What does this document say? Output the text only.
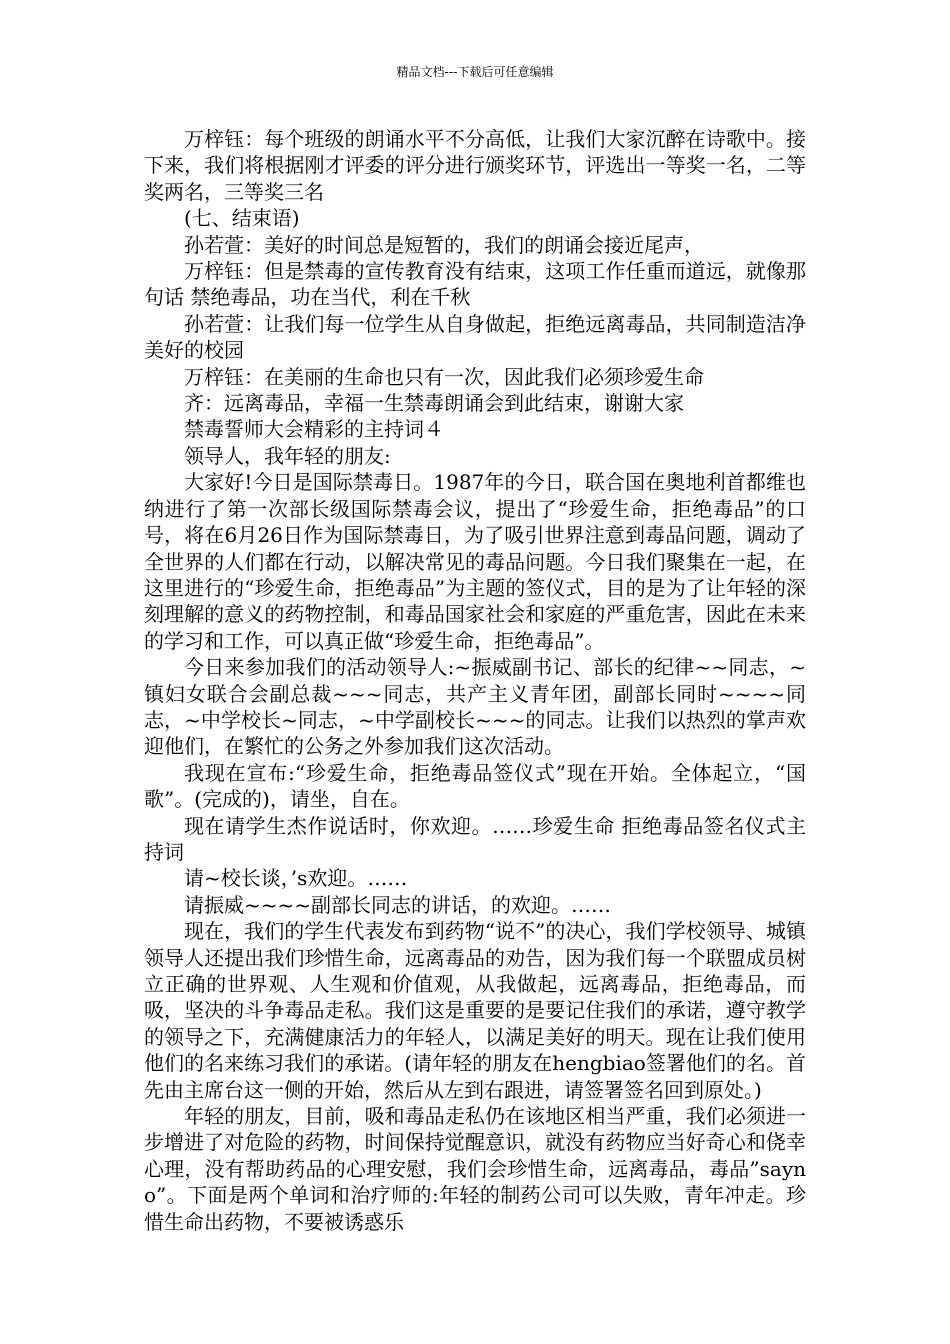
精品文档---下载后可任意编辑

万梓钰：每个班级的朗诵水平不分高低，让我们大家沉醉在诗歌中。接下来，我们将根据刚才评委的评分进行颁奖环节，评选出一等奖一名，二等奖两名，三等奖三名

(七、结束语)

孙若萱：美好的时间总是短暂的，我们的朗诵会接近尾声，

万梓钰：但是禁毒的宣传教育没有结束，这项工作任重而道远，就像那句话 禁绝毒品，功在当代，利在千秋

孙若萱：让我们每一位学生从自身做起，拒绝远离毒品，共同制造洁净美好的校园

万梓钰：在美丽的生命也只有一次，因此我们必须珍爱生命

齐：远离毒品，幸福一生禁毒朗诵会到此结束，谢谢大家

禁毒誓师大会精彩的主持词４

领导人，我年轻的朋友:

大家好!今日是国际禁毒日。1987年的今日，联合国在奥地利首都维也纳进行了第一次部长级国际禁毒会议，提出了“珍爱生命，拒绝毒品”的口号，将在6月26日作为国际禁毒日，为了吸引世界注意到毒品问题，调动了全世界的人们都在行动，以解决常见的毒品问题。今日我们聚集在一起，在这里进行的“珍爱生命，拒绝毒品”为主题的签仪式，目的是为了让年轻的深刻理解的意义的药物控制，和毒品国家社会和家庭的严重危害，因此在未来的学习和工作，可以真正做“珍爱生命，拒绝毒品”。

今日来参加我们的活动领导人:~振威副书记、部长的纪律~~同志，~镇妇女联合会副总裁~~~同志，共产主义青年团，副部长同时~~~~同志，~中学校长~同志，~中学副校长~~~的同志。让我们以热烈的掌声欢迎他们，在繁忙的公务之外参加我们这次活动。

我现在宣布:“珍爱生命，拒绝毒品签仪式”现在开始。全体起立，“国歌”。(完成的)，请坐，自在。

现在请学生杰作说话时，你欢迎。……珍爱生命 拒绝毒品签名仪式主持词

请~校长谈，’s欢迎。……

请振威~~~~副部长同志的讲话，的欢迎。……

现在，我们的学生代表发布到药物“说不”的决心，我们学校领导、城镇领导人还提出我们珍惜生命，远离毒品的劝告，因为我们每一个联盟成员树立正确的世界观、人生观和价值观，从我做起，远离毒品，拒绝毒品，而吸，坚决的斗争毒品走私。我们这是重要的是要记住我们的承诺，遵守教学的领导之下，充满健康活力的年轻人，以满足美好的明天。现在让我们使用他们的名来练习我们的承诺。(请年轻的朋友在hengbiao签署他们的名。首先由主席台这一侧的开始，然后从左到右跟进，请签署签名回到原处。)

年轻的朋友，目前，吸和毒品走私仍在该地区相当严重，我们必须进一步增进了对危险的药物，时间保持觉醒意识，就没有药物应当好奇心和侥幸心理，没有帮助药品的心理安慰，我们会珍惜生命，远离毒品，毒品”sayno”。下面是两个单词和治疗师的:年轻的制药公司可以失败，青年冲走。珍惜生命出药物，不要被诱惑乐
